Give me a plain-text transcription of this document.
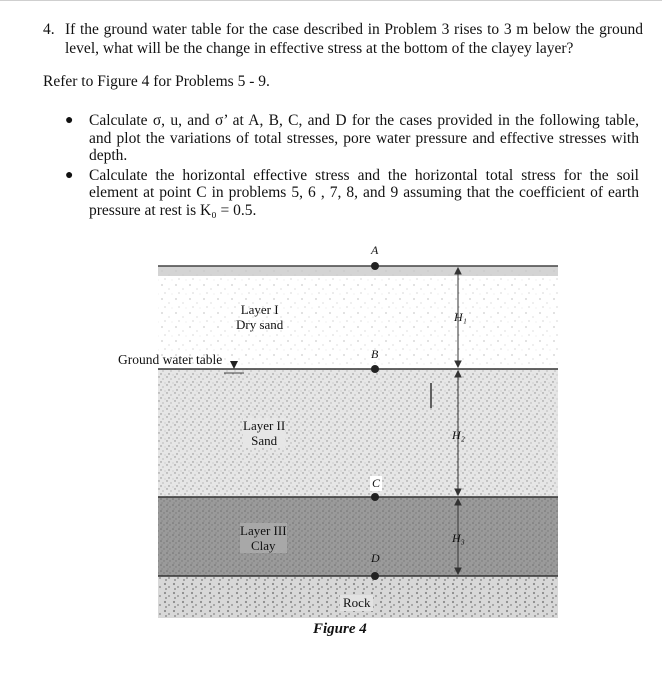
4. If the ground water table for the case described in Problem 3 rises to 3 m below the ground level, what will be the change in effective stress at the bottom of the clayey layer?
Refer to Figure 4 for Problems 5 - 9.
● Calculate σ, u, and σ’ at A, B, C, and D for the cases provided in the following table, and plot the variations of total stresses, pore water pressure and effective stresses with depth.
● Calculate the horizontal effective stress and the horizontal total stress for the soil element at point C in problems 5, 6 , 7, 8, and 9 assuming that the coefficient of earth pressure at rest is K₀ = 0.5.
Layer I
Dry sand
Layer II
Sand
Layer III
Clay
Ground water table
A
B
C
D
H₁
H₂
H₃
Rock
Figure 4
